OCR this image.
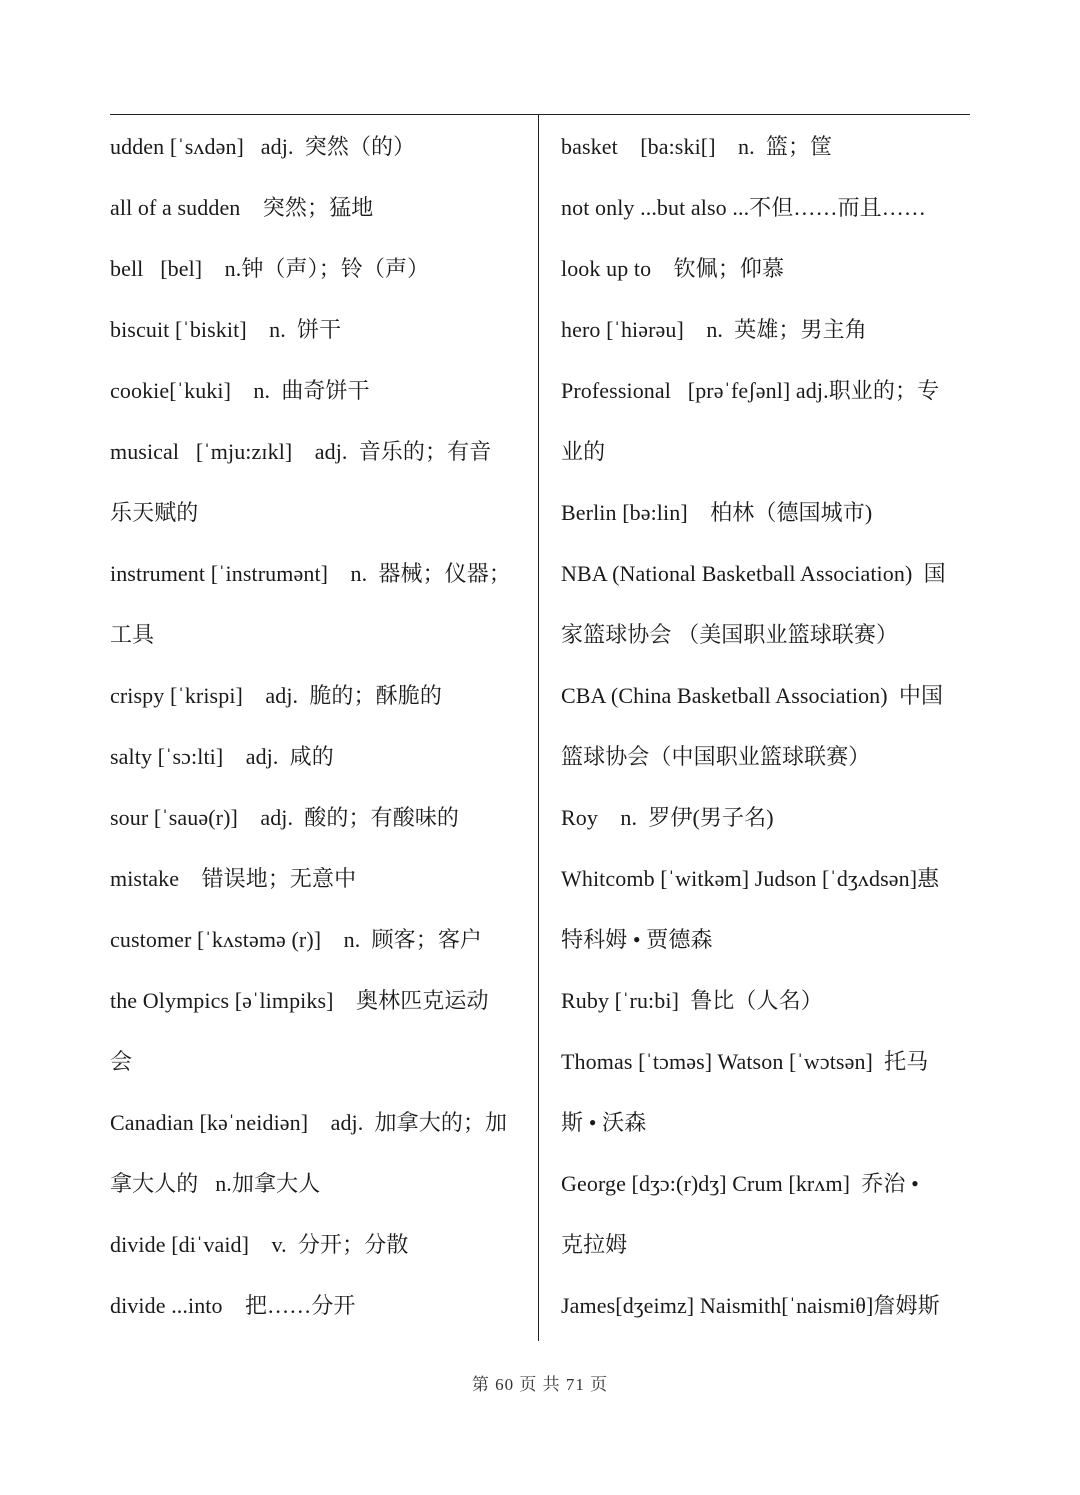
udden [ˈsʌdən]   adj.  突然（的）
all of a sudden    突然；猛地
bell   [bel]    n.钟（声）；铃（声）
biscuit [ˈbiskit]    n.  饼干
cookie[ˈkuki]    n.  曲奇饼干
musical   [ˈmju:zɪkl]    adj.  音乐的；有音
乐天赋的
instrument [ˈinstrumənt]    n.  器械；仪器；
工具
crispy [ˈkrispi]    adj.  脆的；酥脆的
salty [ˈsɔ:lti]    adj.  咸的
sour [ˈsauə(r)]    adj.  酸的；有酸味的
mistake    错误地；无意中
customer [ˈkʌstəmə (r)]    n.  顾客；客户
the Olympics [əˈlimpiks]    奥林匹克运动
会
Canadian [kəˈneidiən]    adj.  加拿大的；加
拿大人的   n.加拿大人
divide [diˈvaid]    v.  分开；分散
divide ...into    把……分开
basket    [ba:ski[]    n.  篮；筐
not only ...but also ...不但……而且……
look up to    钦佩；仰慕
hero [ˈhiərəu]    n.  英雄；男主角
Professional   [prəˈfeʃənl] adj.职业的；专
业的
Berlin [bə:lin]    柏林（德国城市)
NBA (National Basketball Association)  国
家篮球协会 （美国职业篮球联赛）
CBA (China Basketball Association)  中国
篮球协会（中国职业篮球联赛）
Roy    n.  罗伊(男子名)
Whitcomb [ˈwitkəm] Judson [ˈdʒʌdsən]惠
特科姆 • 贾德森
Ruby [ˈru:bi]  鲁比（人名）
Thomas [ˈtɔməs] Watson [ˈwɔtsən]  托马
斯 • 沃森
George [dʒɔ:(r)dʒ] Crum [krʌm]  乔治 •
克拉姆
James[dʒeimz] Naismith[ˈnaismiθ]詹姆斯
第 60 页 共 71 页
